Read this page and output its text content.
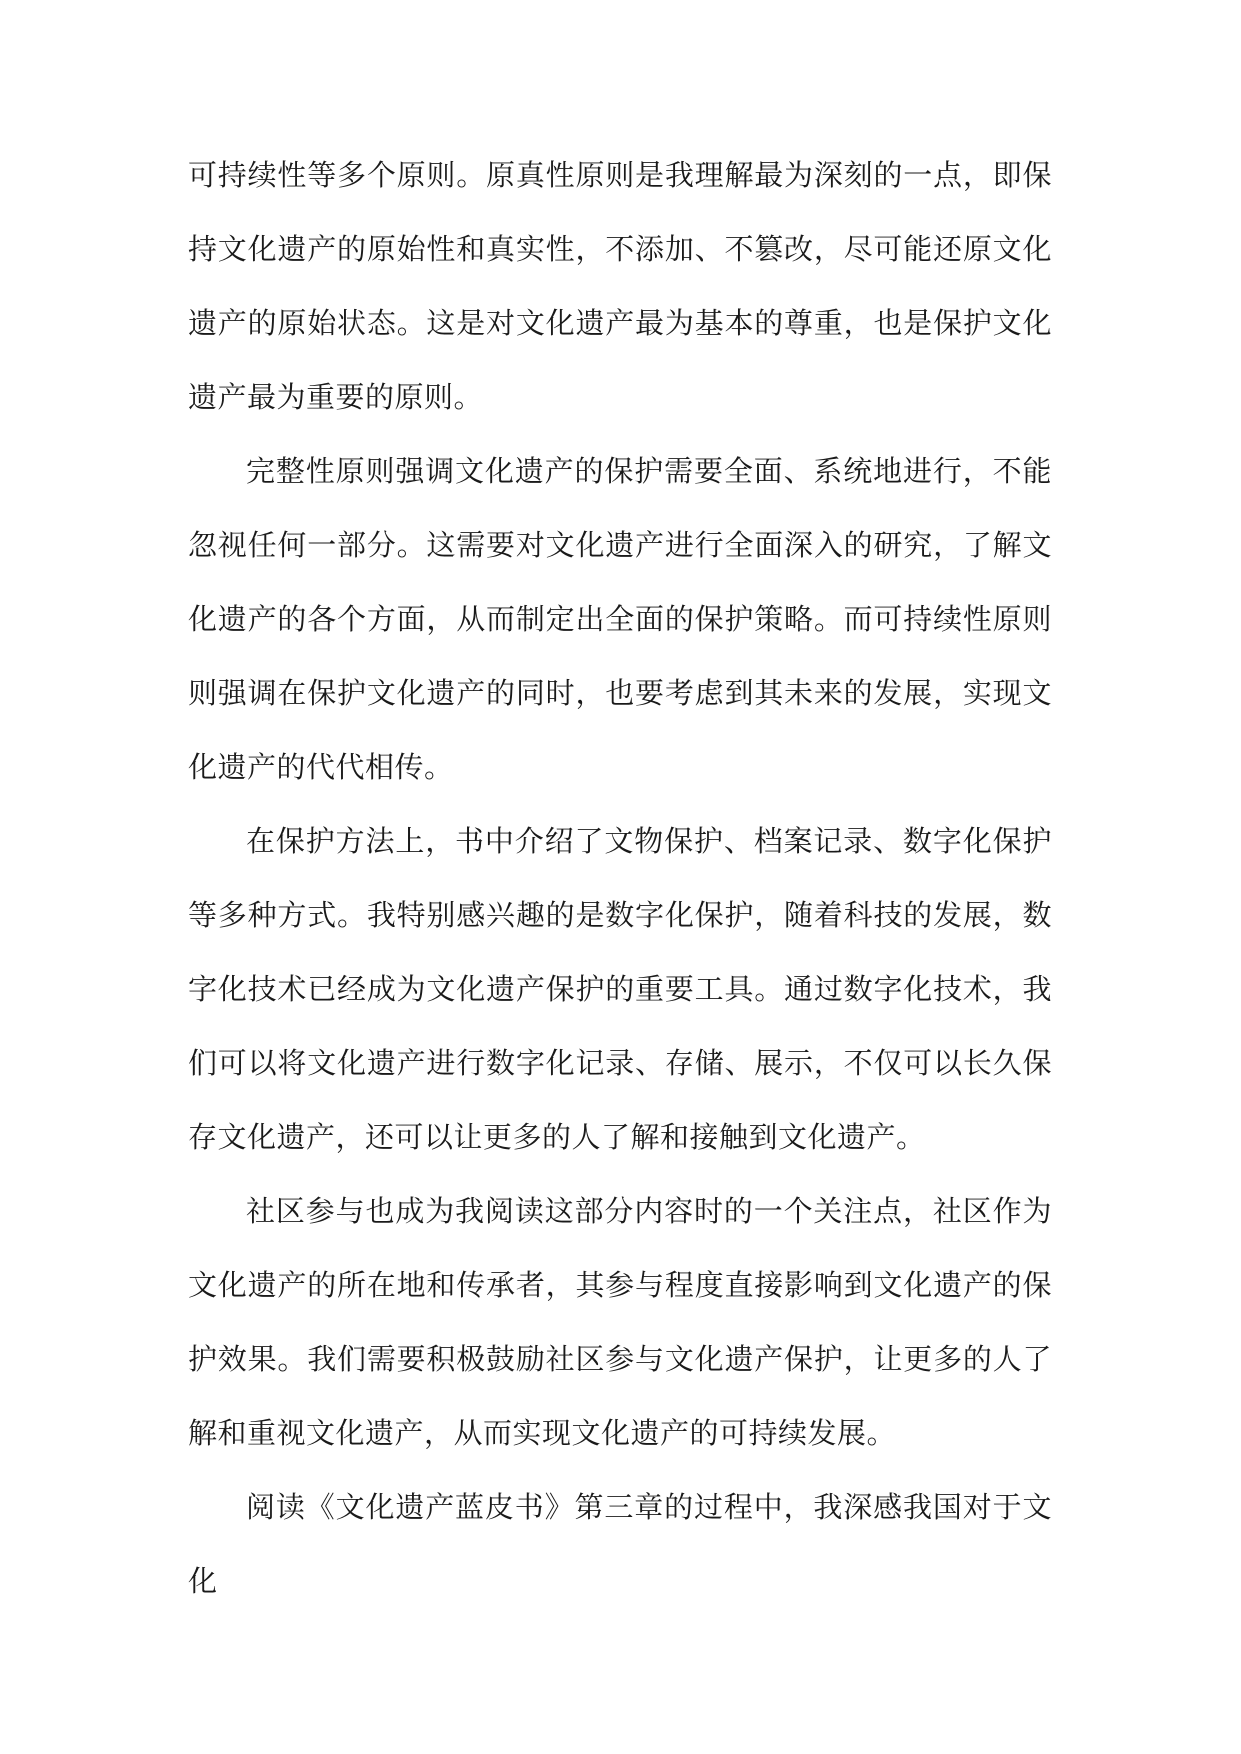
可持续性等多个原则。原真性原则是我理解最为深刻的一点，即保持文化遗产的原始性和真实性，不添加、不篡改，尽可能还原文化遗产的原始状态。这是对文化遗产最为基本的尊重，也是保护文化遗产最为重要的原则。

完整性原则强调文化遗产的保护需要全面、系统地进行，不能忽视任何一部分。这需要对文化遗产进行全面深入的研究，了解文化遗产的各个方面，从而制定出全面的保护策略。而可持续性原则则强调在保护文化遗产的同时，也要考虑到其未来的发展，实现文化遗产的代代相传。

在保护方法上，书中介绍了文物保护、档案记录、数字化保护等多种方式。我特别感兴趣的是数字化保护，随着科技的发展，数字化技术已经成为文化遗产保护的重要工具。通过数字化技术，我们可以将文化遗产进行数字化记录、存储、展示，不仅可以长久保存文化遗产，还可以让更多的人了解和接触到文化遗产。

社区参与也成为我阅读这部分内容时的一个关注点，社区作为文化遗产的所在地和传承者，其参与程度直接影响到文化遗产的保护效果。我们需要积极鼓励社区参与文化遗产保护，让更多的人了解和重视文化遗产，从而实现文化遗产的可持续发展。

阅读《文化遗产蓝皮书》第三章的过程中，我深感我国对于文化
